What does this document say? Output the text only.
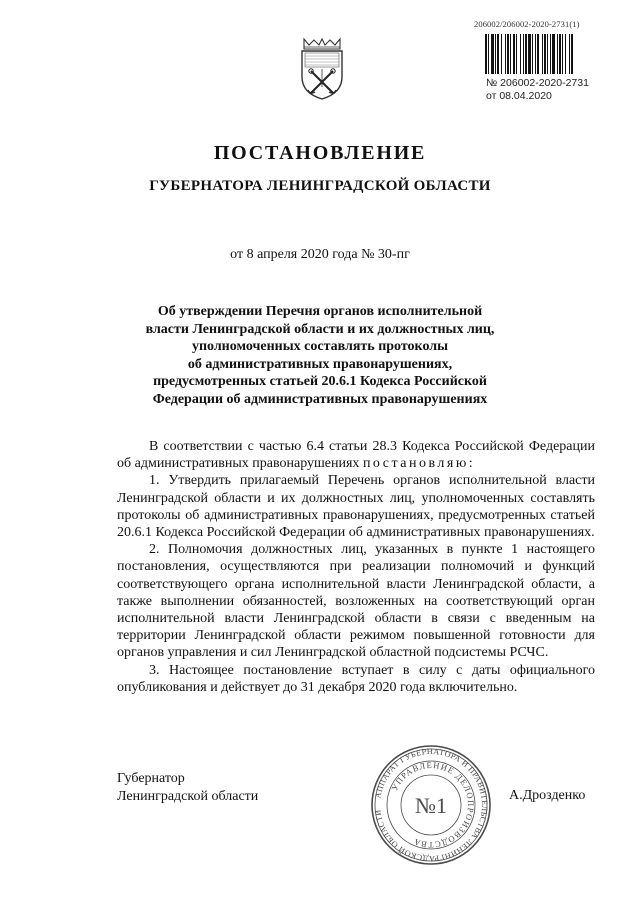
206002/206002-2020-2731(1)
№ 206002-2020-2731
от 08.04.2020
ПОСТАНОВЛЕНИЕ
ГУБЕРНАТОРА ЛЕНИНГРАДСКОЙ ОБЛАСТИ
от 8 апреля 2020 года № 30-пг
Об утверждении Перечня органов исполнительной
власти Ленинградской области и их должностных лиц,
уполномоченных составлять протоколы
об административных правонарушениях,
предусмотренных статьей 20.6.1 Кодекса Российской
Федерации об административных правонарушениях

В соответствии с частью 6.4 статьи 28.3 Кодекса Российской Федерации об административных правонарушениях постановляю:

1. Утвердить прилагаемый Перечень органов исполнительной власти Ленинградской области и их должностных лиц, уполномоченных составлять протоколы об административных правонарушениях, предусмотренных статьей 20.6.1 Кодекса Российской Федерации об административных правонарушениях.

2. Полномочия должностных лиц, указанных в пункте 1 настоящего постановления, осуществляются при реализации полномочий и функций соответствующего органа исполнительной власти Ленинградской области, а также выполнении обязанностей, возложенных на соответствующий орган исполнительной власти Ленинградской области в связи с введенным на территории Ленинградской области режимом повышенной готовности для органов управления и сил Ленинградской областной подсистемы РСЧС.

3. Настоящее постановление вступает в силу с даты официального опубликования и действует до 31 декабря 2020 года включительно.

Губернатор
Ленинградской области	АППАРАТ ГУБЕРНАТОРА И ПРАВИТЕЛЬСТВА ЛЕНИНГРАДСКОЙ ОБЛАСТИ
УПРАВЛЕНИЕ ДЕЛОПРОИЗВОДСТВА
№1	А.Дрозденко
